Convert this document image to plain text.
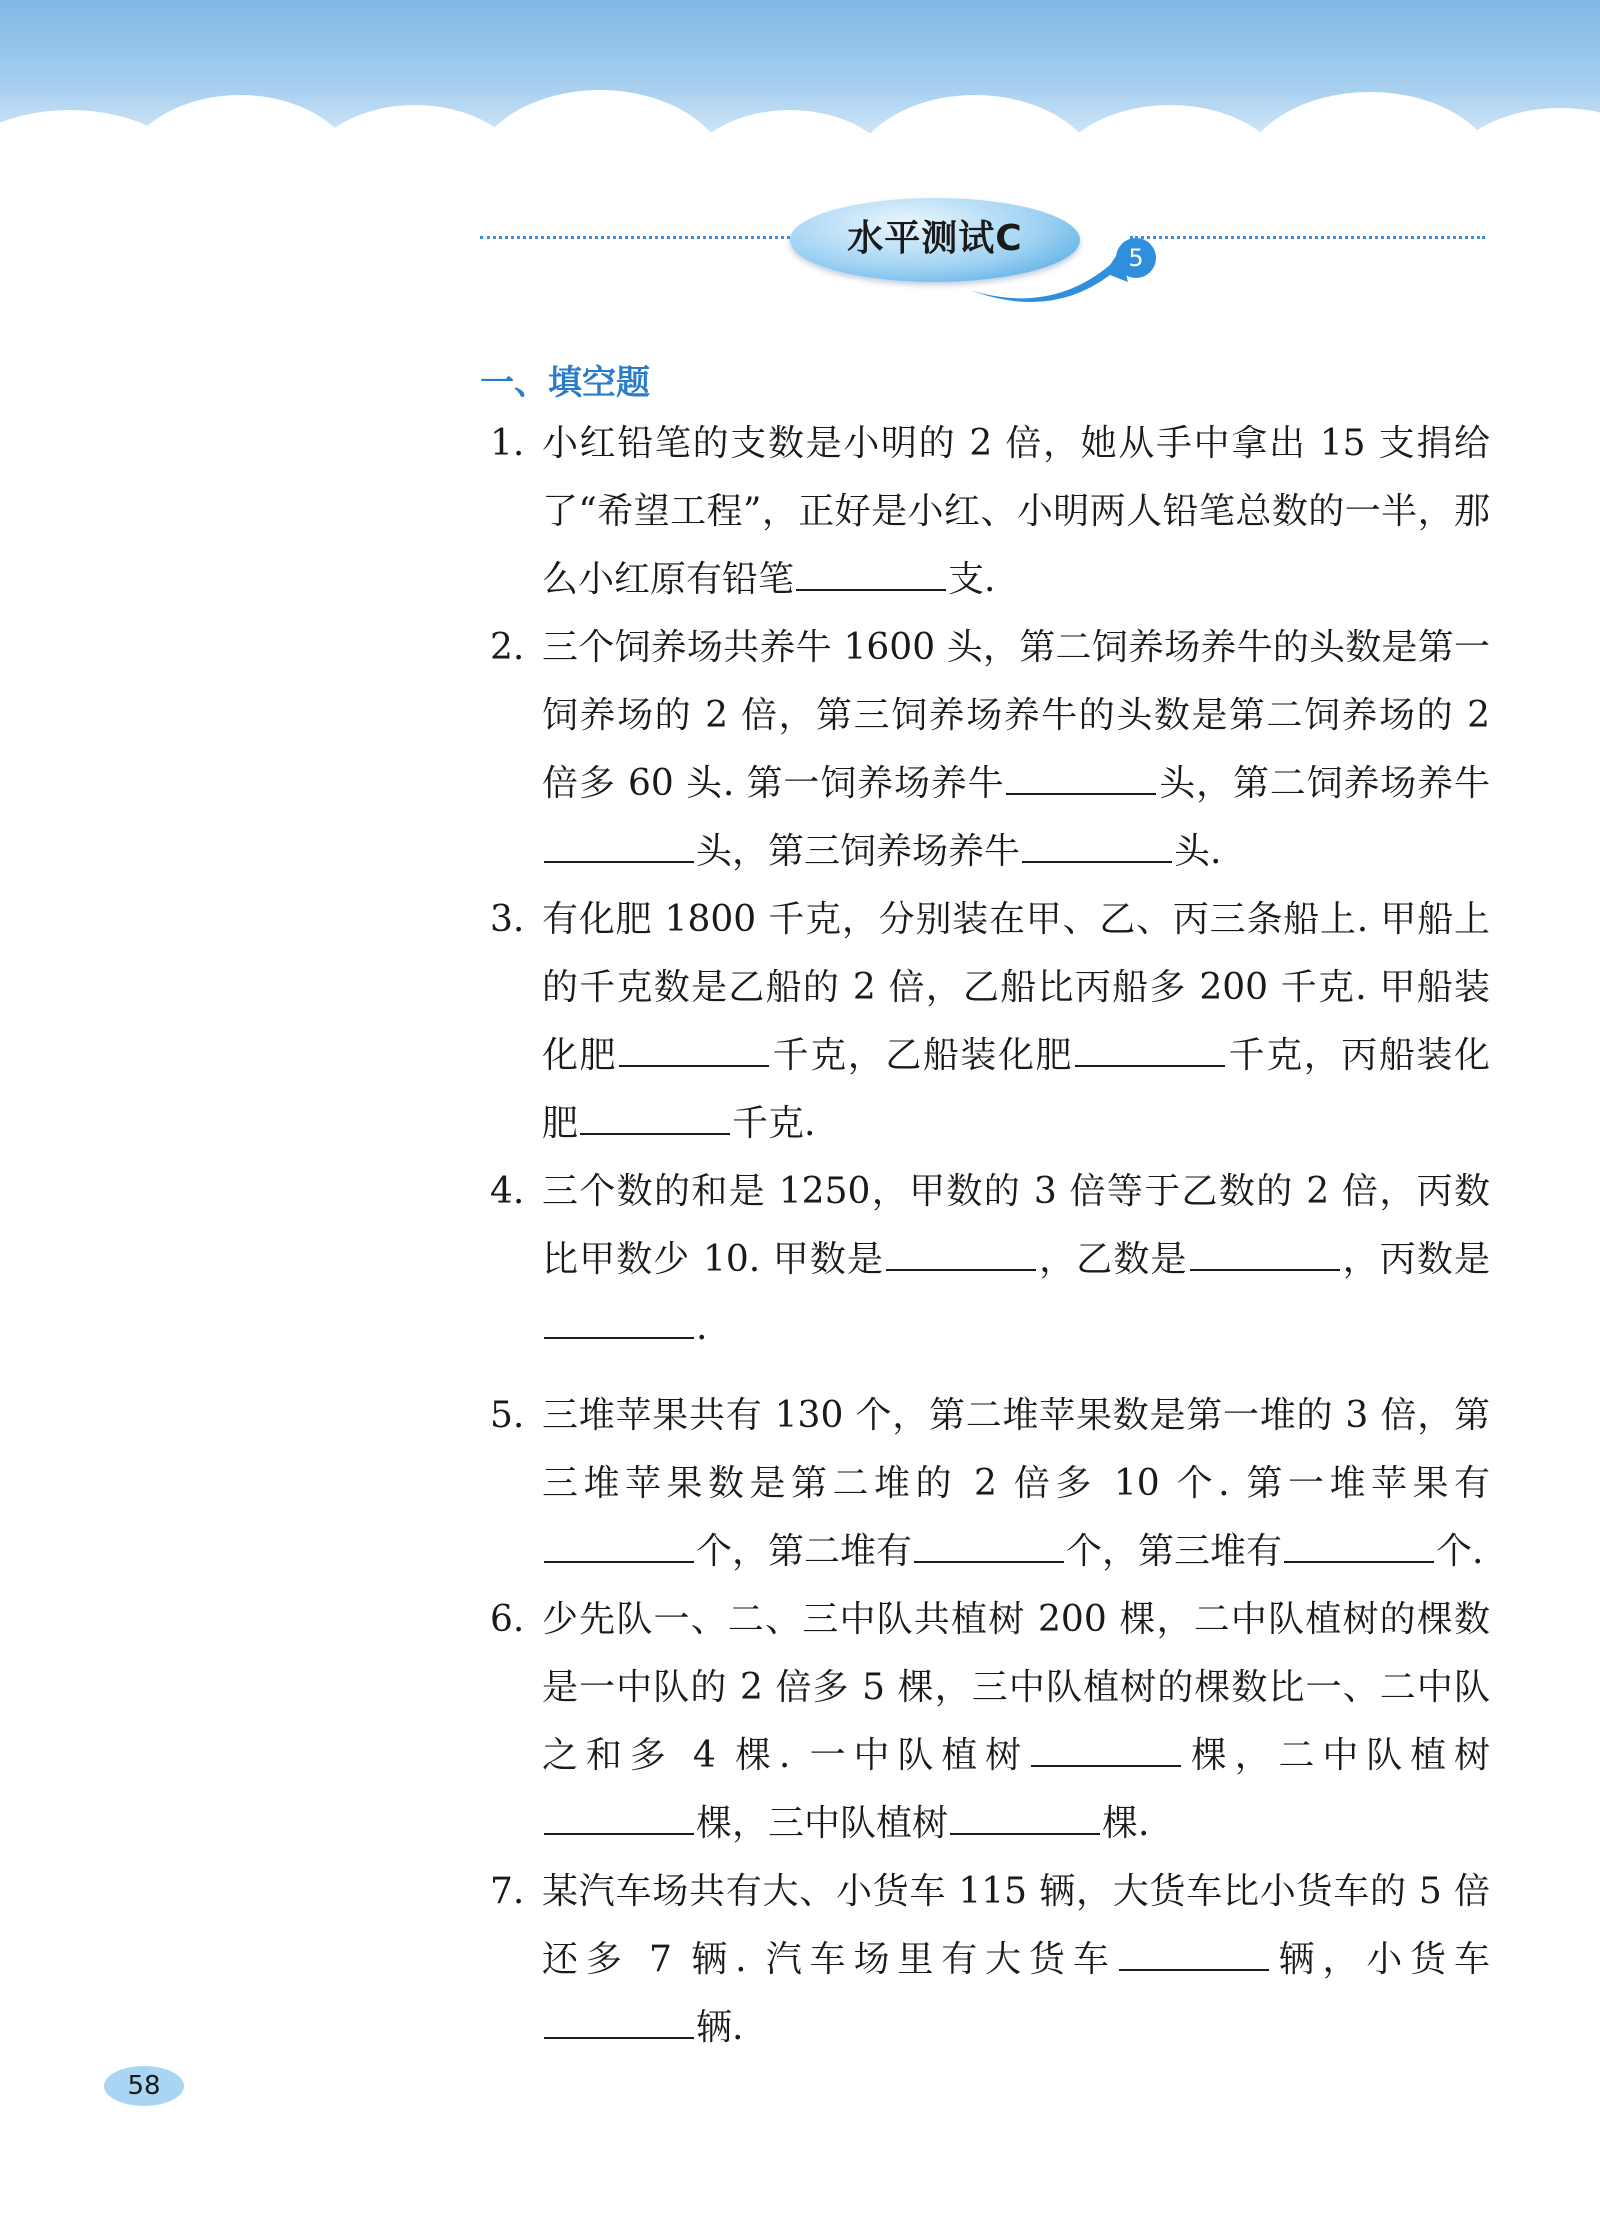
水平测试C	5
一、填空题
1. 小红铅笔的支数是小明的 2 倍，她从手中拿出 15 支捐给了“希望工程”，正好是小红、小明两人铅笔总数的一半，那么小红原有铅笔	支.
2. 三个饲养场共养牛 1600 头，第二饲养场养牛的头数是第一饲养场的 2 倍，第三饲养场养牛的头数是第二饲养场的 2 倍多 60 头. 第一饲养场养牛	头，第二饲养场养牛头，第三饲养场养牛	头.
3. 有化肥 1800 千克，分别装在甲、乙、丙三条船上. 甲船上的千克数是乙船的 2 倍，乙船比丙船多 200 千克. 甲船装化肥	千克，乙船装化肥	千克，丙船装化肥	千克.
4. 三个数的和是 1250，甲数的 3 倍等于乙数的 2 倍，丙数比甲数少 10. 甲数是	，乙数是	，丙数是.
5. 三堆苹果共有 130 个，第二堆苹果数是第一堆的 3 倍，第三堆苹果数是第二堆的 2 倍多 10 个. 第一堆苹果有个，第二堆有	个，第三堆有	个.
6. 少先队一、二、三中队共植树 200 棵，二中队植树的棵数是一中队的 2 倍多 5 棵，三中队植树的棵数比一、二中队之和多 4 棵. 一中队植树	棵，二中队植树棵，三中队植树	棵.
7. 某汽车场共有大、小货车 115 辆，大货车比小货车的 5 倍还多 7 辆. 汽车场里有大货车	辆，小货车辆.
58
